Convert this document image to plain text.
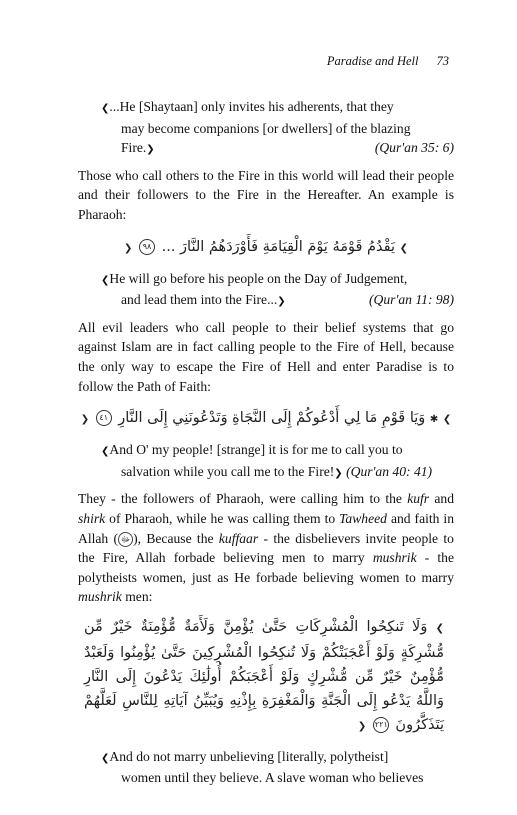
Paradise and Hell 73

❮...He [Shaytaan] only invites his adherents, that they

may become companions [or dwellers] of the blazing

Fire.❯	(Qur'an 35: 6)

Those who call others to the Fire in this world will lead their people and their followers to the Fire in the Hereafter. An example is Pharaoh:

❯ يَقْدُمُ قَوْمَهُ يَوْمَ الْقِيَامَةِ فَأَوْرَدَهُمُ النَّارَ ... ٩٨ ❮

❮He will go before his people on the Day of Judgement,

and lead them into the Fire...❯	(Qur'an 11: 98)

All evil leaders who call people to their belief systems that go against Islam are in fact calling people to the Fire of Hell, because the only way to escape the Fire of Hell and enter Paradise is to follow the Path of Faith:

❯ ✱ وَيَا قَوْمِ مَا لِي أَدْعُوكُمْ إِلَى النَّجَاةِ وَتَدْعُونَنِي إِلَى النَّارِ ٤١ ❮

❮And O' my people! [strange] it is for me to call you to

salvation while you call me to the Fire!❯ (Qur'an 40: 41)

They - the followers of Pharaoh, were calling him to the kufr and shirk of Pharaoh, while he was calling them to Tawheed and faith in Allah ( ﷻ ), Because the kuffaar - the disbelievers invite people to the Fire, Allah forbade believing men to marry mushrik - the polytheists women, just as He forbade believing women to marry mushrik men:

❯ وَلَا تَنكِحُوا الْمُشْرِكَاتِ حَتَّىٰ يُؤْمِنَّ وَلَأَمَةٌ مُّؤْمِنَةٌ خَيْرٌ مِّن مُّشْرِكَةٍ وَلَوْ أَعْجَبَتْكُمْ وَلَا تُنكِحُوا الْمُشْرِكِينَ حَتَّىٰ يُؤْمِنُوا وَلَعَبْدٌ مُّؤْمِنٌ خَيْرٌ مِّن مُّشْرِكٍ وَلَوْ أَعْجَبَكُمْ أُولَٰئِكَ يَدْعُونَ إِلَى النَّارِ وَاللَّهُ يَدْعُو إِلَى الْجَنَّةِ وَالْمَغْفِرَةِ بِإِذْنِهِ وَيُبَيِّنُ آيَاتِهِ لِلنَّاسِ لَعَلَّهُمْ يَتَذَكَّرُونَ ٢٢١ ❮

❮And do not marry unbelieving [literally, polytheist]

women until they believe. A slave woman who believes
